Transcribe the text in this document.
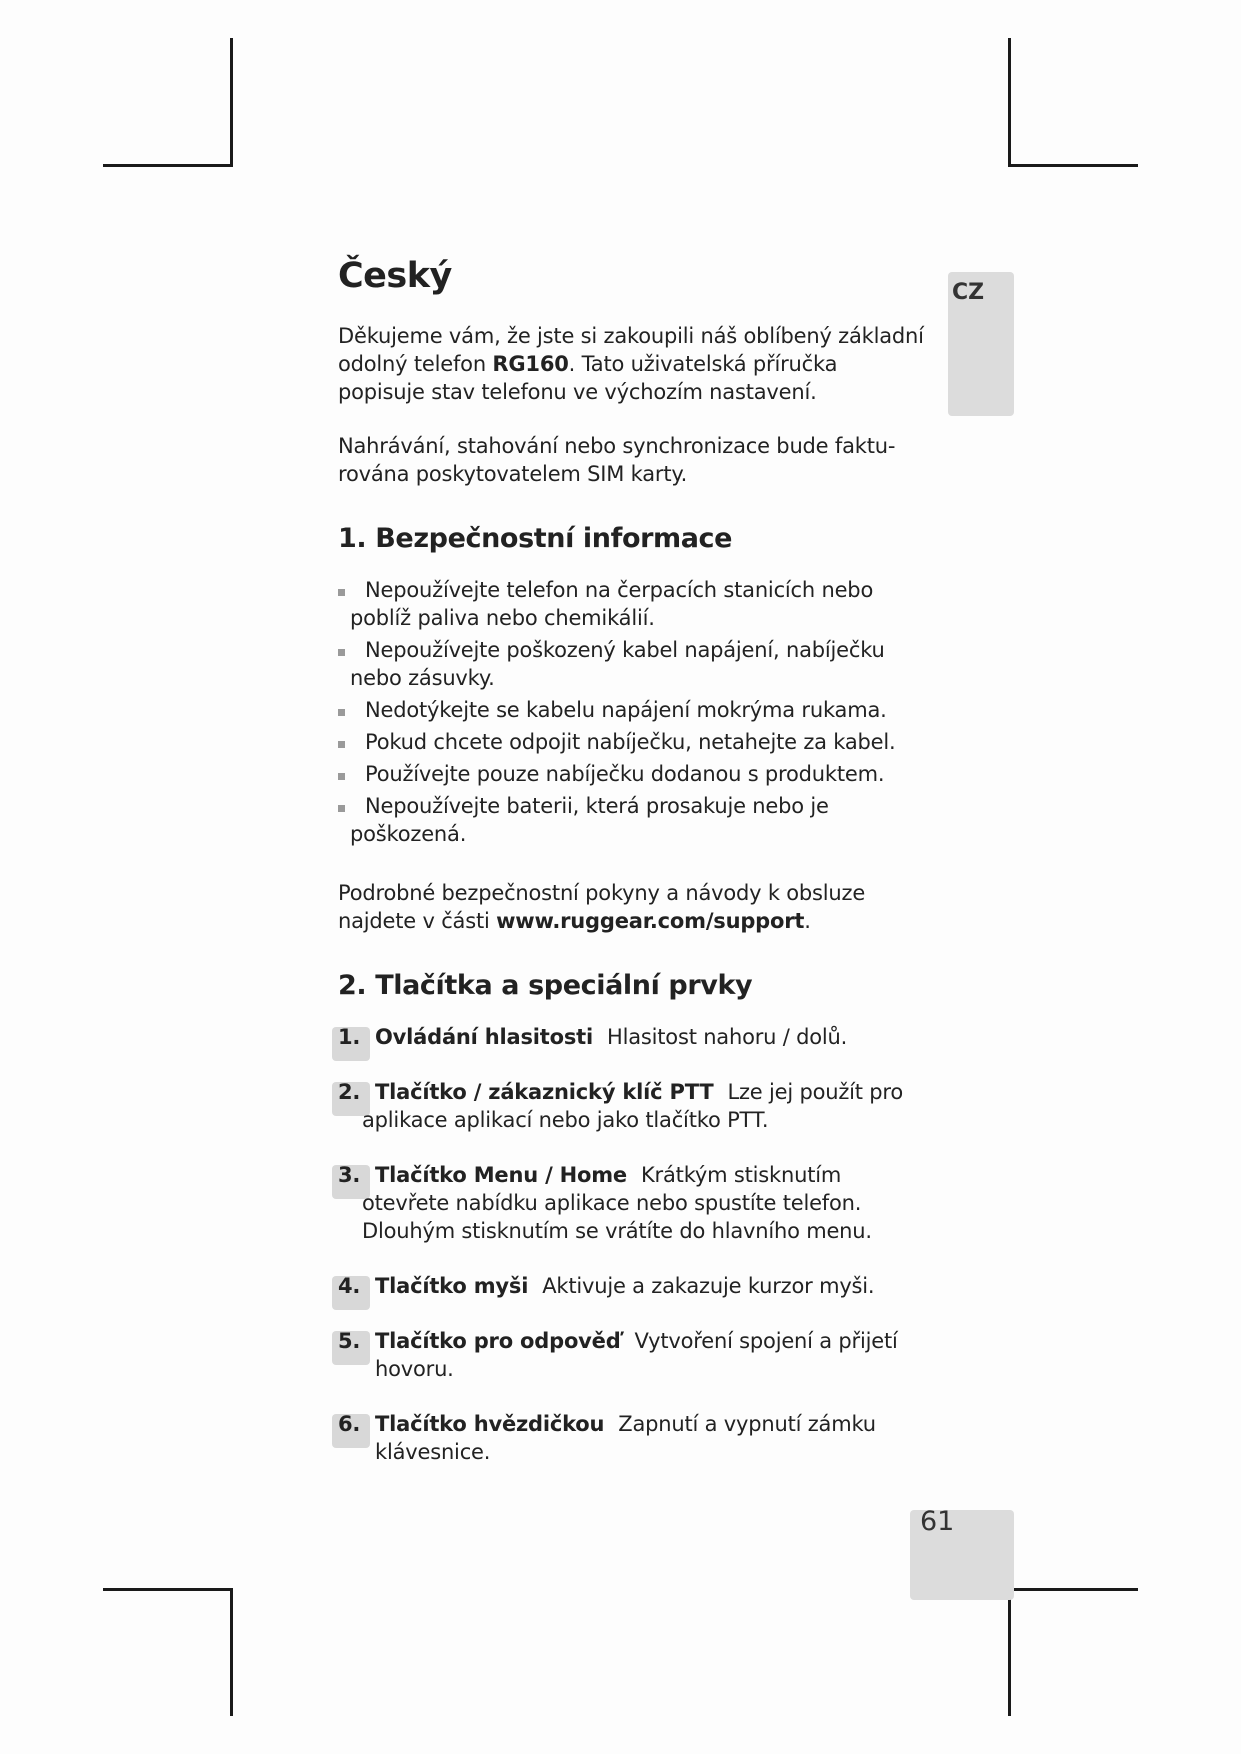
CZ
61
Český

Děkujeme vám, že jste si zakoupili náš oblíbený základní odolný telefon RG160. Tato uživatelská příručka popisuje stav telefonu ve výchozím nastavení.

Nahrávání, stahování nebo synchronizace bude faktu-
rována poskytovatelem SIM karty.

1. Bezpečnostní informace
Nepoužívejte telefon na čerpacích stanicích nebo poblíž paliva nebo chemikálií.
Nepoužívejte poškozený kabel napájení, nabíječku nebo zásuvky.
Nedotýkejte se kabelu napájení mokrýma rukama.
Pokud chcete odpojit nabíječku, netahejte za kabel.
Používejte pouze nabíječku dodanou s produktem.
Nepoužívejte baterii, která prosakuje nebo je poškozená.

Podrobné bezpečnostní pokyny a návody k obsluze najdete v části www.ruggear.com/support.

2. Tlačítka a speciální prvky
1. Ovládání hlasitosti Hlasitost nahoru / dolů.
2. Tlačítko / zákaznický klíč PTT Lze jej použít pro
aplikace aplikací nebo jako tlačítko PTT.
3. Tlačítko Menu / Home Krátkým stisknutím
otevřete nabídku aplikace nebo spustíte telefon.
Dlouhým stisknutím se vrátíte do hlavního menu.
4. Tlačítko myši Aktivuje a zakazuje kurzor myši.
5. Tlačítko pro odpověď Vytvoření spojení a přijetí
hovoru.
6. Tlačítko hvězdičkou Zapnutí a vypnutí zámku
klávesnice.
